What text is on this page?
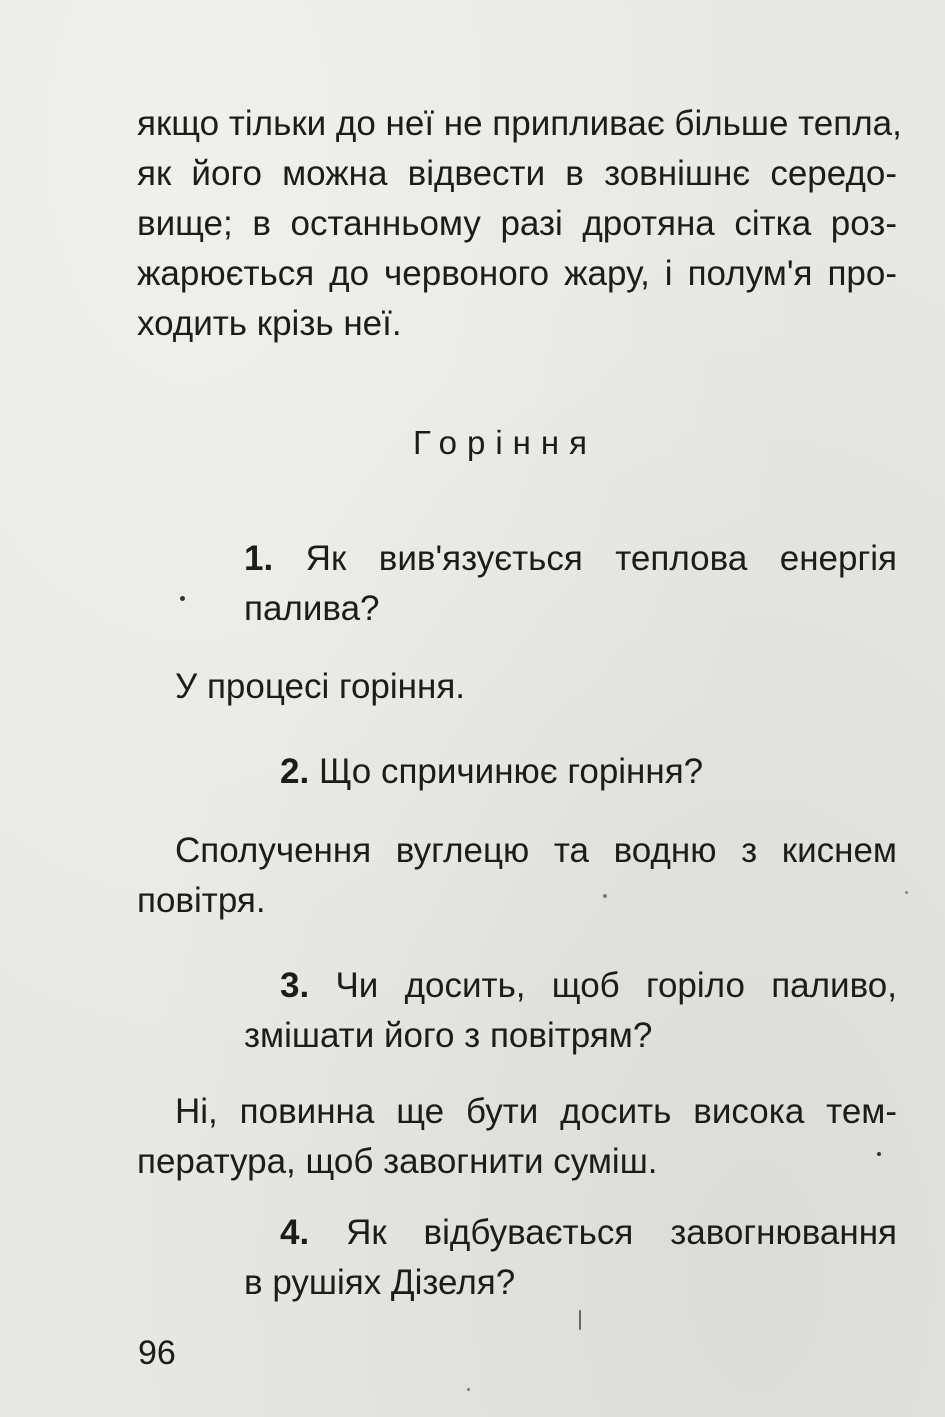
якщо тільки до неї не припливає більше тепла,

як його можна відвести в зовнішнє середо-

вище; в останньому разі дротяна сітка роз-

жарюється до червоного жару, і полум'я про-

ходить крізь неї.

Горіння

1. Як вив'язується теплова енергія

палива?

У процесі горіння.

2. Що спричинює горіння?

Сполучення вуглецю та водню з киснем

повітря.

3. Чи досить, щоб горіло паливо,

змішати його з повітрям?

Ні, повинна ще бути досить висока тем-

пература, щоб завогнити суміш.

4. Як відбувається завогнювання

в рушіях Дізеля?

96
